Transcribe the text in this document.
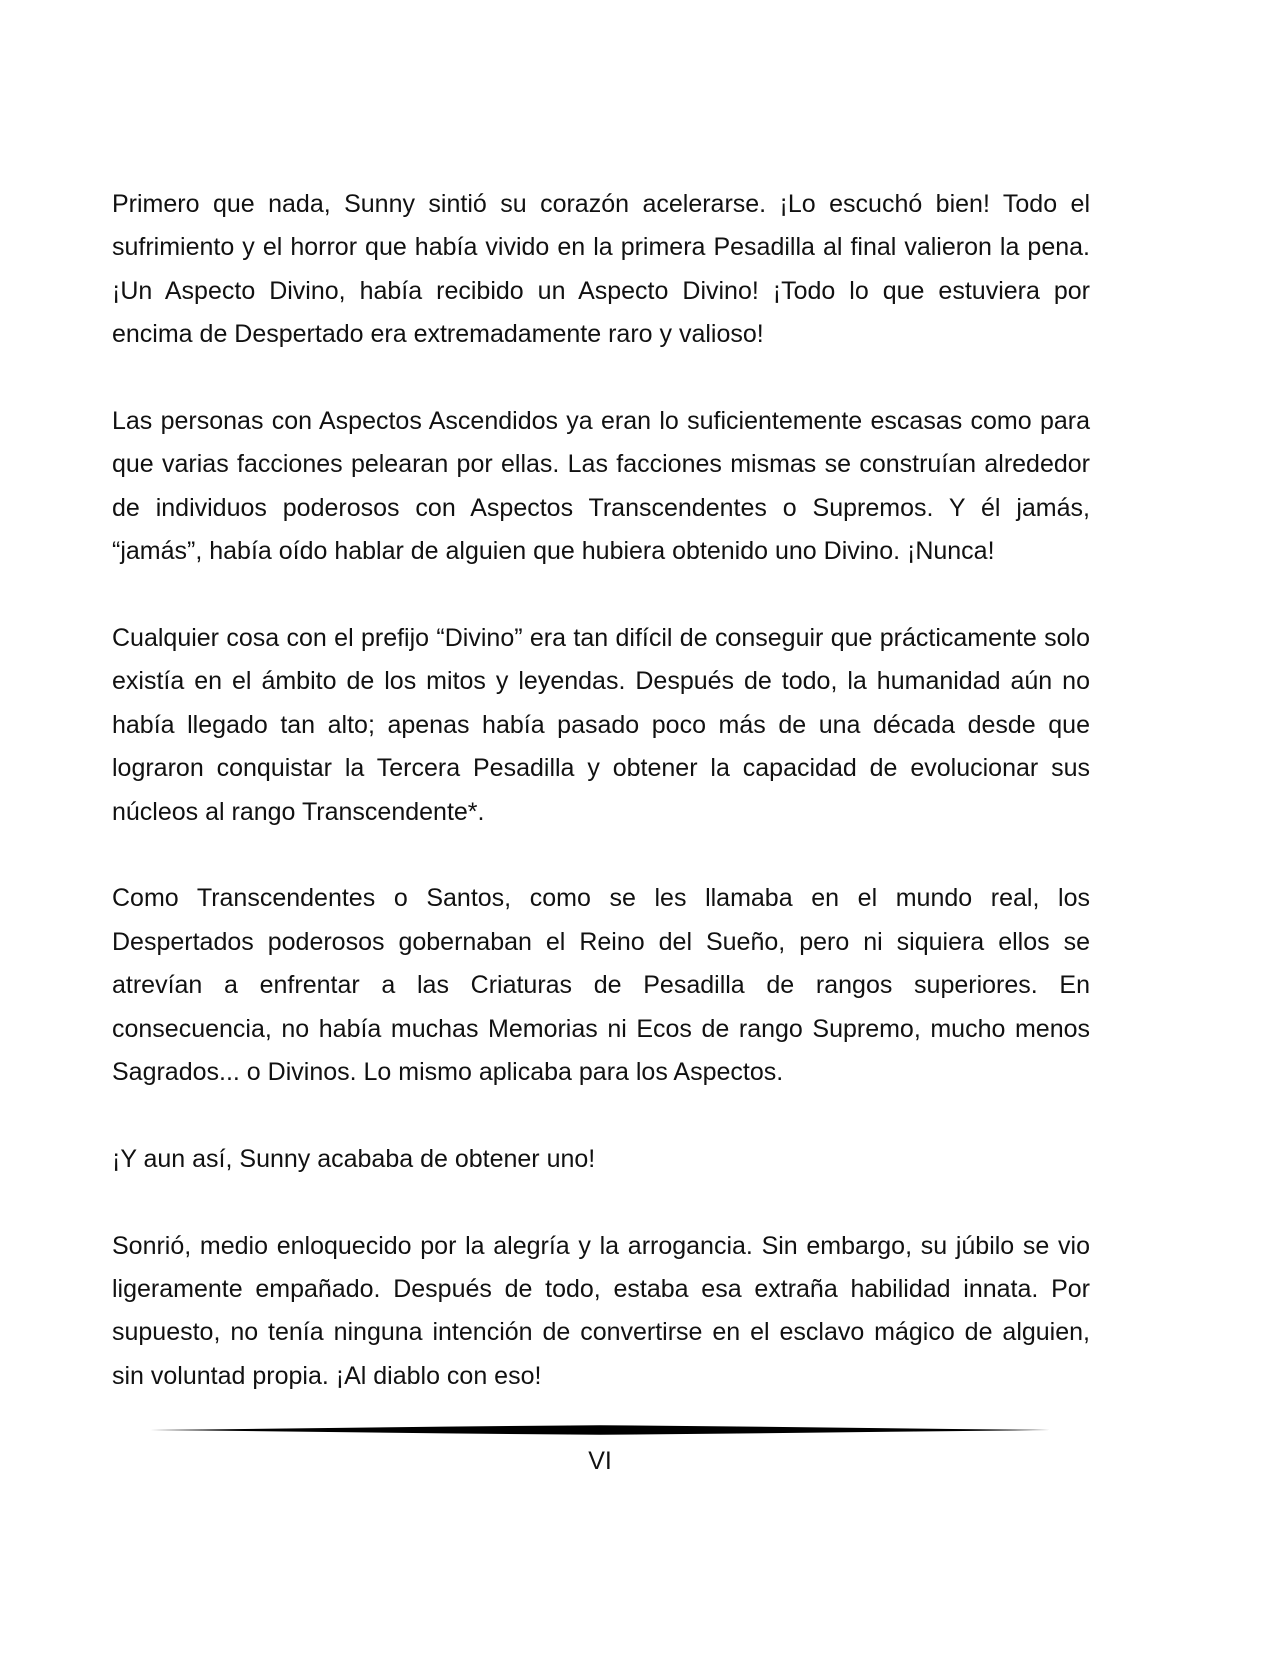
Primero que nada, Sunny sintió su corazón acelerarse. ¡Lo escuchó bien! Todo el sufrimiento y el horror que había vivido en la primera Pesadilla al final valieron la pena. ¡Un Aspecto Divino, había recibido un Aspecto Divino! ¡Todo lo que estuviera por encima de Despertado era extremadamente raro y valioso!

Las personas con Aspectos Ascendidos ya eran lo suficientemente escasas como para que varias facciones pelearan por ellas. Las facciones mismas se construían alrededor de individuos poderosos con Aspectos Transcendentes o Supremos. Y él jamás, “jamás”, había oído hablar de alguien que hubiera obtenido uno Divino. ¡Nunca!

Cualquier cosa con el prefijo “Divino” era tan difícil de conseguir que prácticamente solo existía en el ámbito de los mitos y leyendas. Después de todo, la humanidad aún no había llegado tan alto; apenas había pasado poco más de una década desde que lograron conquistar la Tercera Pesadilla y obtener la capacidad de evolucionar sus núcleos al rango Transcendente*.

Como Transcendentes o Santos, como se les llamaba en el mundo real, los Despertados poderosos gobernaban el Reino del Sueño, pero ni siquiera ellos se atrevían a enfrentar a las Criaturas de Pesadilla de rangos superiores. En consecuencia, no había muchas Memorias ni Ecos de rango Supremo, mucho menos Sagrados... o Divinos. Lo mismo aplicaba para los Aspectos.

¡Y aun así, Sunny acababa de obtener uno!

Sonrió, medio enloquecido por la alegría y la arrogancia. Sin embargo, su júbilo se vio ligeramente empañado. Después de todo, estaba esa extraña habilidad innata. Por supuesto, no tenía ninguna intención de convertirse en el esclavo mágico de alguien, sin voluntad propia. ¡Al diablo con eso!

VI
